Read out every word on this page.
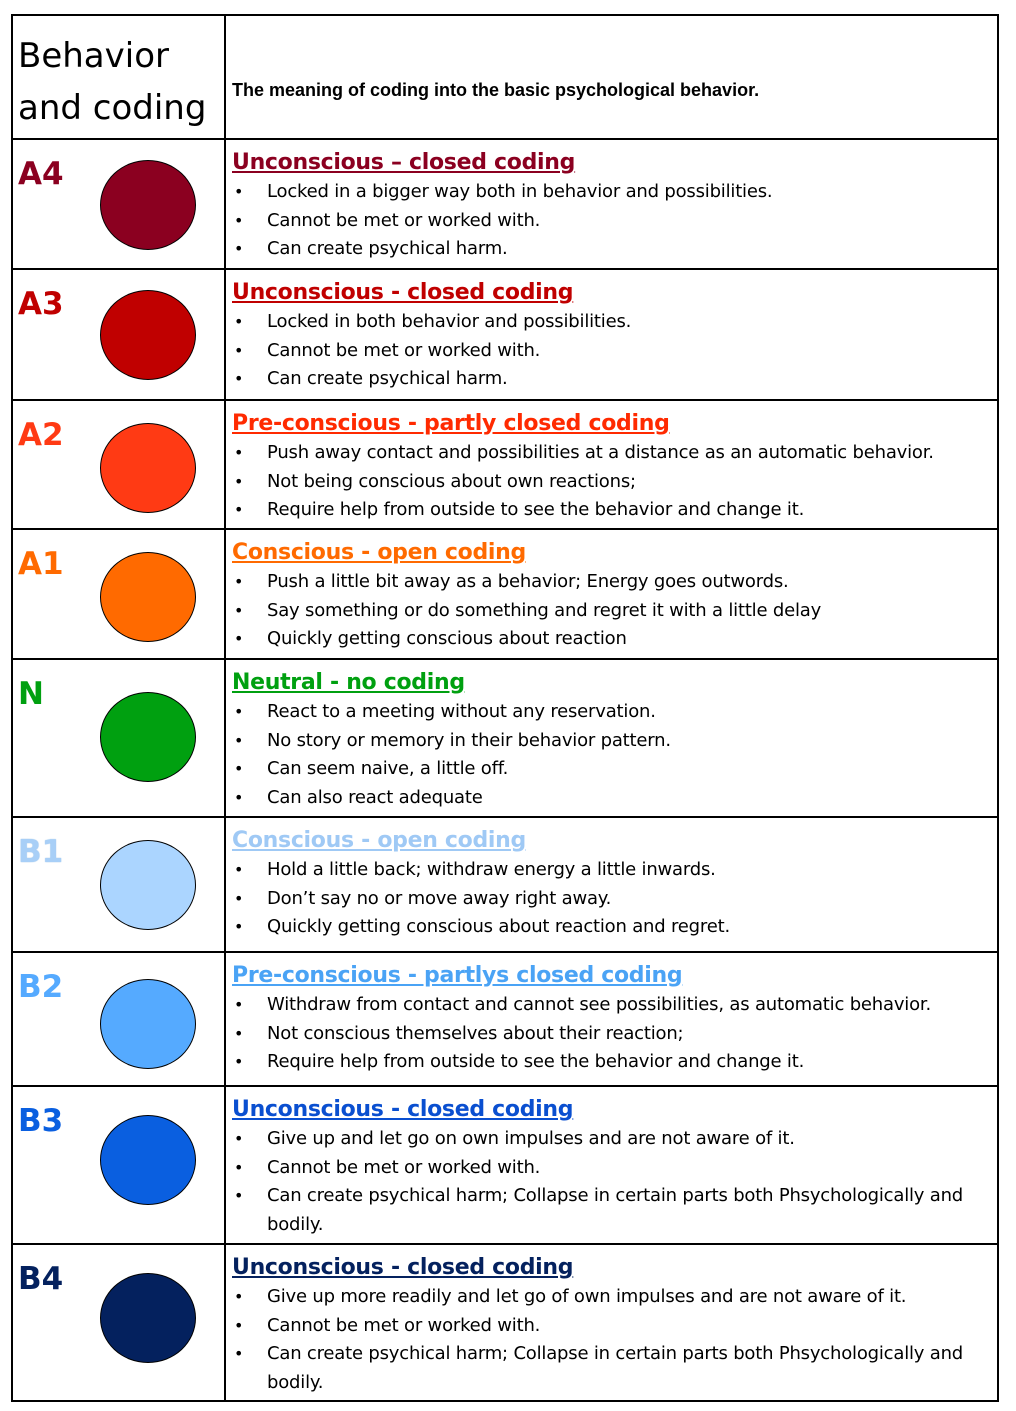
Behavior and coding	The meaning of coding into the basic psychological behavior.
A4	Unconscious – closed coding
• Locked in a bigger way both in behavior and possibilities.
• Cannot be met or worked with.
• Can create psychical harm.
A3	Unconscious - closed coding
• Locked in both behavior and possibilities.
• Cannot be met or worked with.
• Can create psychical harm.
A2	Pre-conscious - partly closed coding
• Push away contact and possibilities at a distance as an automatic behavior.
• Not being conscious about own reactions;
• Require help from outside to see the behavior and change it.
A1	Conscious - open coding
• Push a little bit away as a behavior; Energy goes outwords.
• Say something or do something and regret it with a little delay
• Quickly getting conscious about reaction
N	Neutral - no coding
• React to a meeting without any reservation.
• No story or memory in their behavior pattern.
• Can seem naive, a little off.
• Can also react adequate
B1	Conscious - open coding
• Hold a little back; withdraw energy a little inwards.
• Don’t say no or move away right away.
• Quickly getting conscious about reaction and regret.
B2	Pre-conscious - partlys closed coding
• Withdraw from contact and cannot see possibilities, as automatic behavior.
• Not conscious themselves about their reaction;
• Require help from outside to see the behavior and change it.
B3	Unconscious - closed coding
• Give up and let go on own impulses and are not aware of it.
• Cannot be met or worked with.
• Can create psychical harm; Collapse in certain parts both Phsychologically and bodily.
B4	Unconscious - closed coding
• Give up more readily and let go of own impulses and are not aware of it.
• Cannot be met or worked with.
• Can create psychical harm; Collapse in certain parts both Phsychologically and bodily.
